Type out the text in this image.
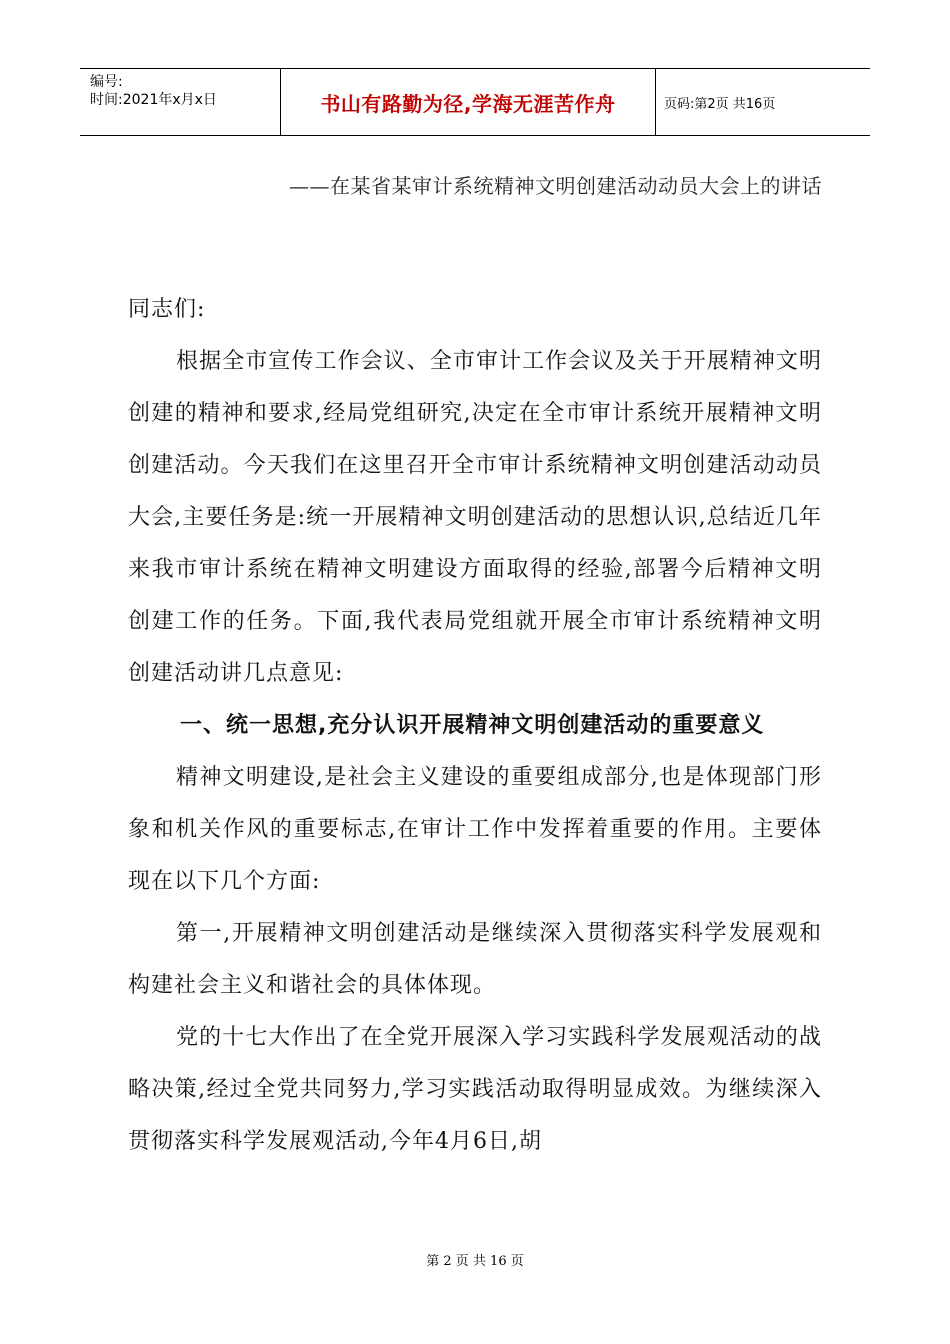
编号:
时间:2021年x月x日	书山有路勤为径,学海无涯苦作舟	页码:第2页 共16页
——在某省某审计系统精神文明创建活动动员大会上的讲话

同志们:

根据全市宣传工作会议、全市审计工作会议及关于开展精神文明创建的精神和要求,经局党组研究,决定在全市审计系统开展精神文明创建活动。今天我们在这里召开全市审计系统精神文明创建活动动员大会,主要任务是:统一开展精神文明创建活动的思想认识,总结近几年来我市审计系统在精神文明建设方面取得的经验,部署今后精神文明创建工作的任务。下面,我代表局党组就开展全市审计系统精神文明创建活动讲几点意见:

一、统一思想,充分认识开展精神文明创建活动的重要意义

精神文明建设,是社会主义建设的重要组成部分,也是体现部门形象和机关作风的重要标志,在审计工作中发挥着重要的作用。主要体现在以下几个方面:

第一,开展精神文明创建活动是继续深入贯彻落实科学发展观和构建社会主义和谐社会的具体体现。

党的十七大作出了在全党开展深入学习实践科学发展观活动的战略决策,经过全党共同努力,学习实践活动取得明显成效。为继续深入贯彻落实科学发展观活动,今年4月6日,胡

第 2 页 共 16 页
